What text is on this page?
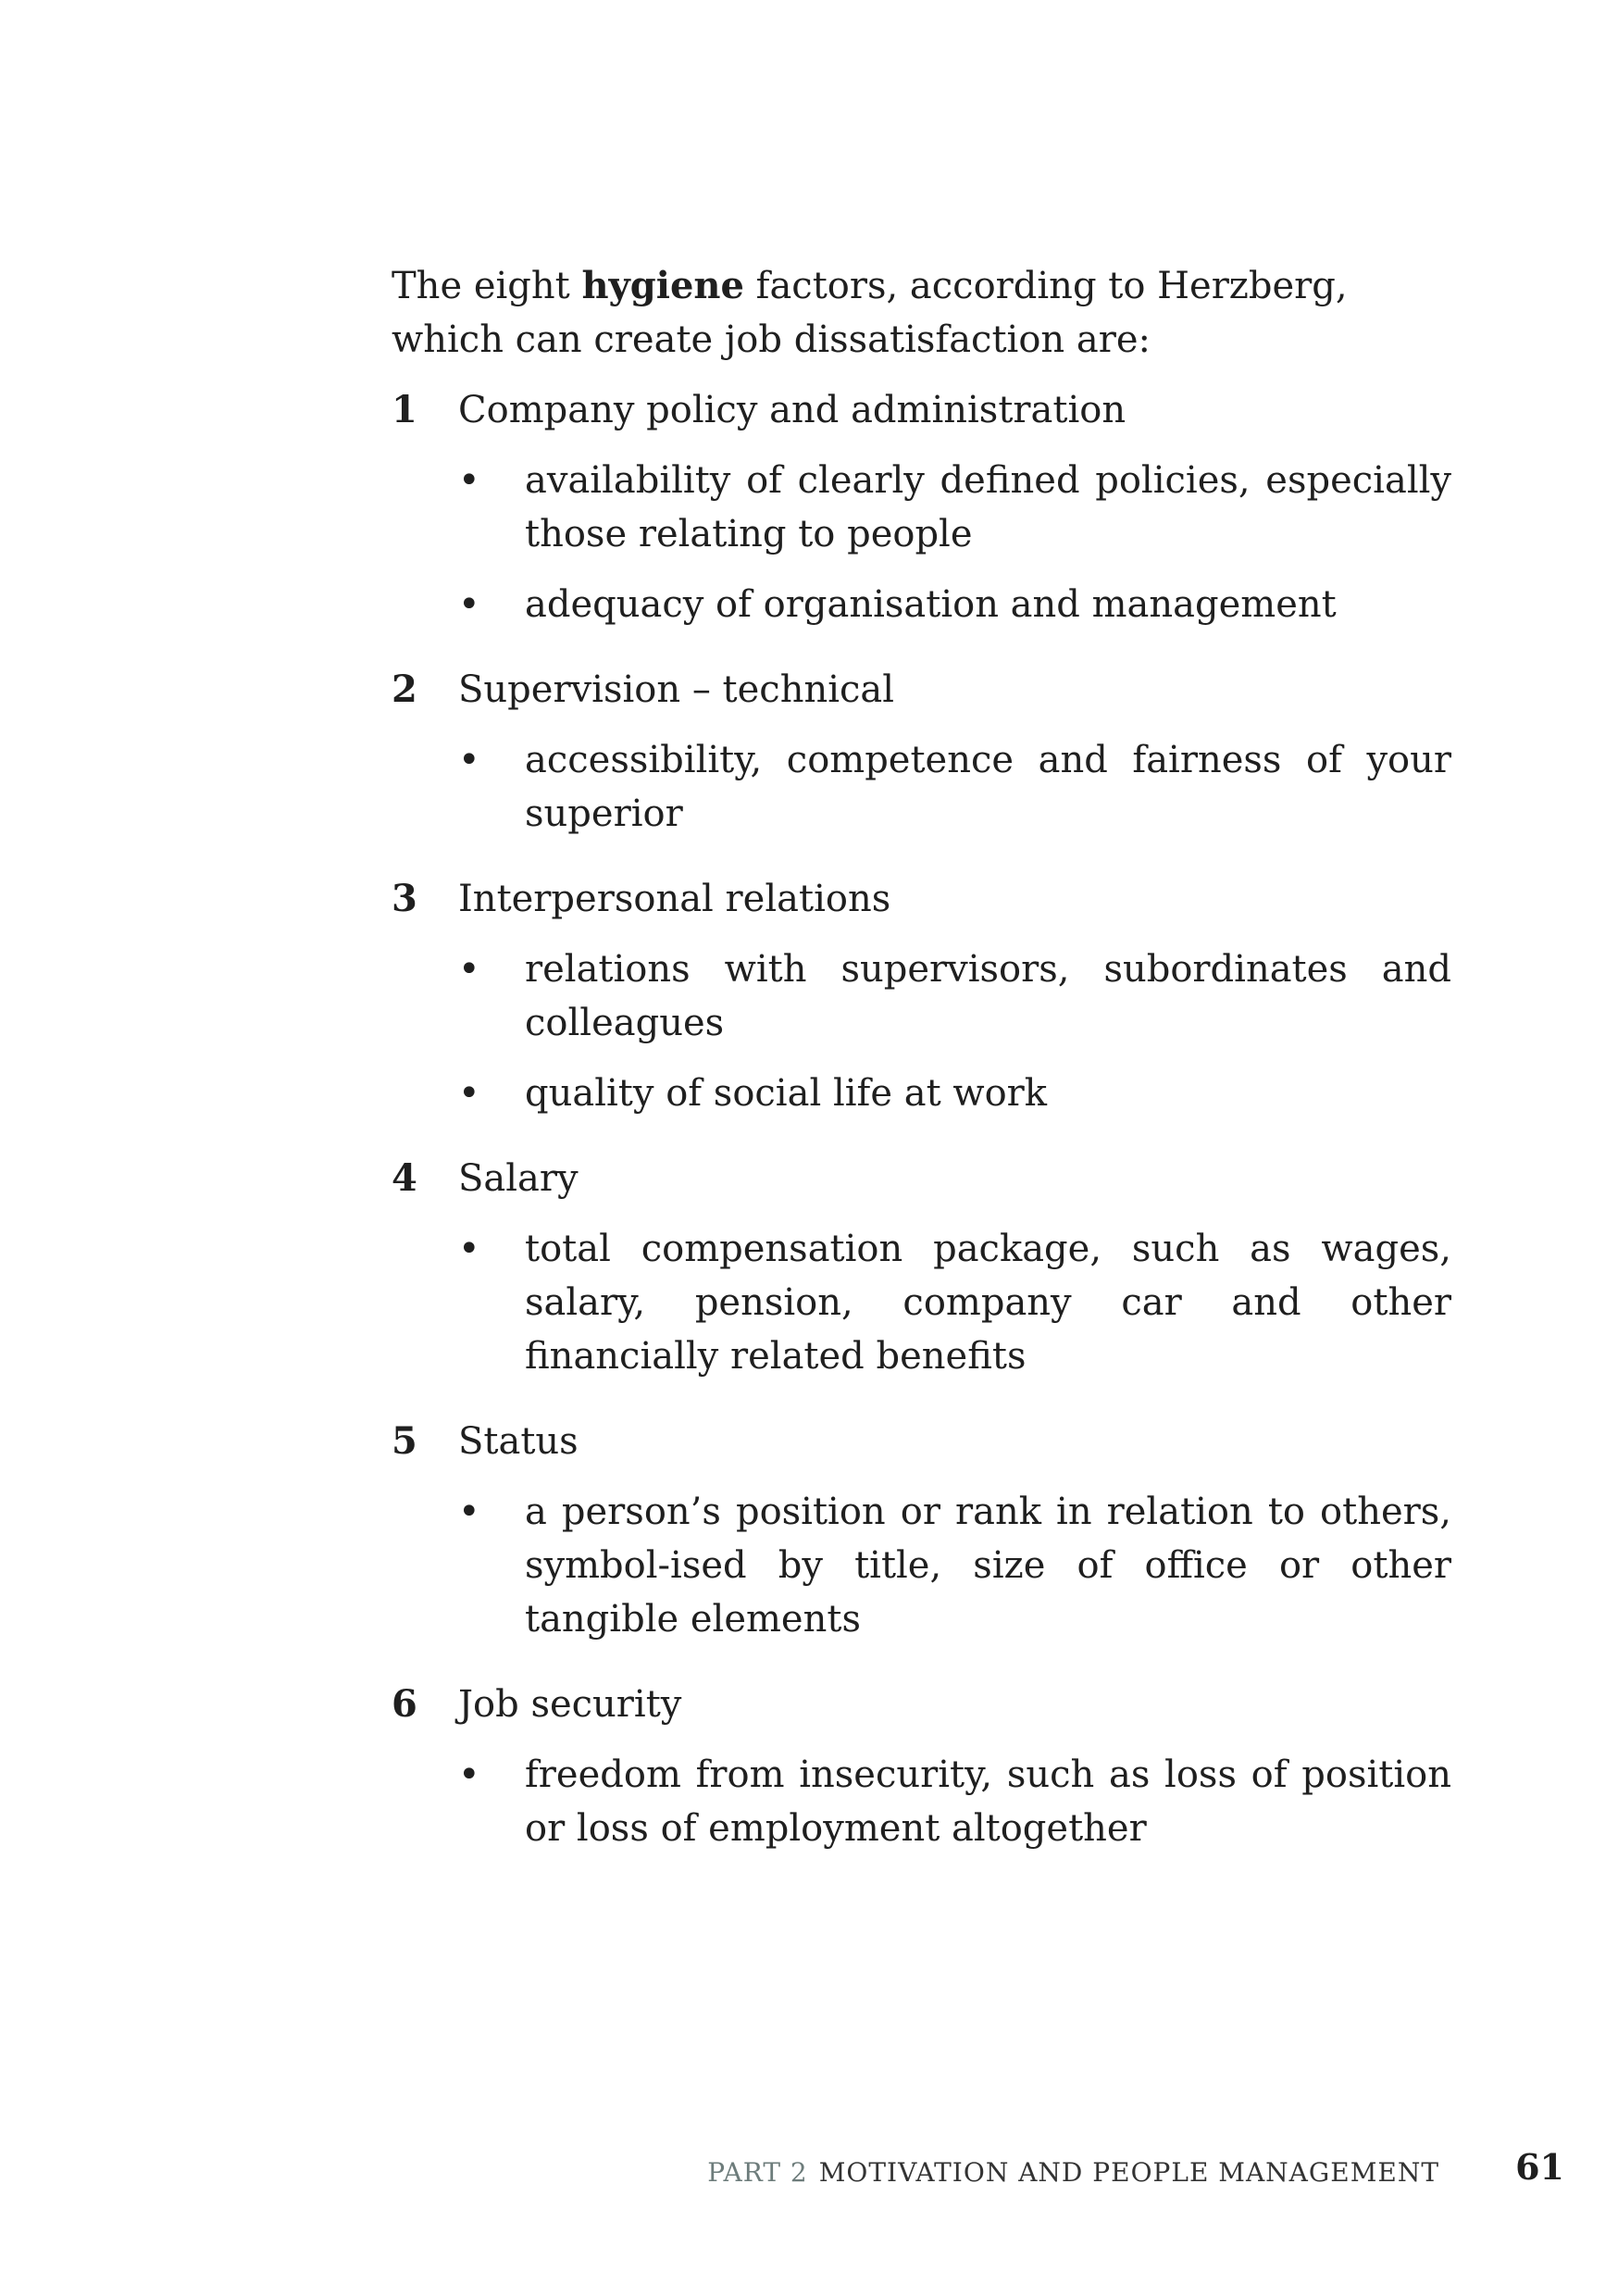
The eight hygiene factors, according to Herzberg, which can create job dissatisfaction are:

1 Company policy and administration
• availability of clearly defined policies, especially those relating to people
• adequacy of organisation and management
2 Supervision – technical
• accessibility, competence and fairness of your superior
3 Interpersonal relations
• relations with supervisors, subordinates and colleagues
• quality of social life at work
4 Salary
• total compensation package, such as wages, salary, pension, company car and other financially related benefits
5 Status
• a person’s position or rank in relation to others, symbol-ised by title, size of office or other tangible elements
6 Job security
• freedom from insecurity, such as loss of position or loss of employment altogether
PART 2 MOTIVATION AND PEOPLE MANAGEMENT 61
